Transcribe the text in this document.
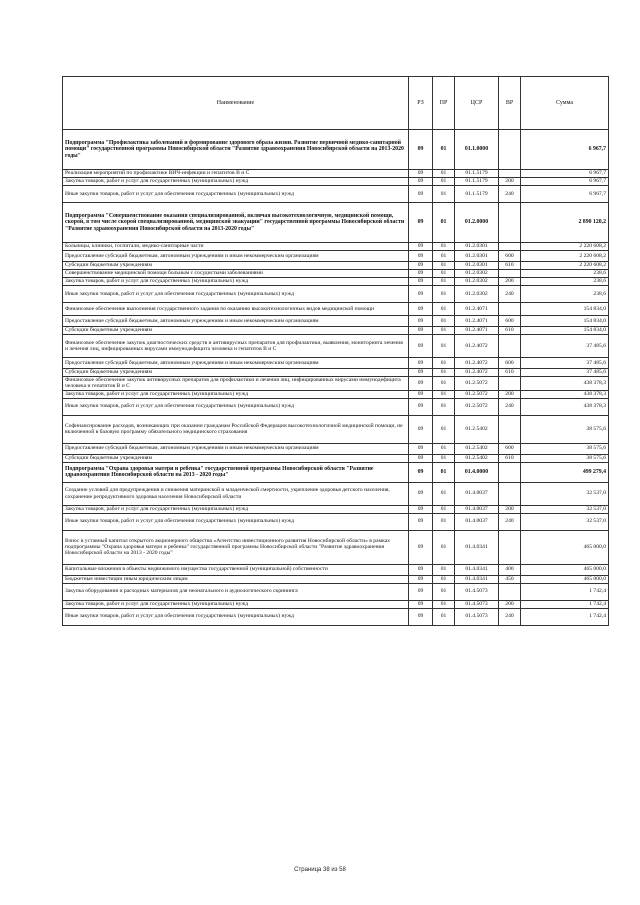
Наименование	РЗ	ПР	ЦСР	ВР	Сумма
Подпрограмма "Профилактика заболеваний и формирование здорового образа жизни. Развитие первичной медико-санитарной помощи" государственной программы Новосибирской области "Развитие здравоохранения Новосибирской области на 2013-2020 годы"	09	01	01.1.0000		6 967,7
Реализация мероприятий по профилактике ВИЧ-инфекции и гепатитов В и С	09	01	01.1.5179		6 967,7
Закупка товаров, работ и услуг для государственных (муниципальных) нужд	09	01	01.1.5179	200	6 967,7
Иные закупки товаров, работ и услуг для обеспечения государственных (муниципальных) нужд	09	01	01.1.5179	240	6 967,7
Подпрограмма "Совершенствование оказания специализированной, включая высокотехнологичную, медицинской помощи, скорой, в том числе скорой специализированной, медицинской эвакуации" государственной программы Новосибирской области "Развитие здравоохранения Новосибирской области на 2013-2020 годы"	09	01	01.2.0000		2 890 120,2
Больницы, клиники, госпитали, медико-санитарные части	09	01	01.2.0301		2 220 608,2
Предоставление субсидий бюджетным, автономным учреждениям и иным некоммерческим организациям	09	01	01.2.0301	600	2 220 608,2
Субсидии бюджетным учреждениям	09	01	01.2.0301	610	2 220 608,2
Совершенствование медицинской помощи больным с сосудистыми заболеваниями	09	01	01.2.0302		238,6
Закупка товаров, работ и услуг для государственных (муниципальных) нужд	09	01	01.2.0302	200	238,6
Иные закупки товаров, работ и услуг для обеспечения государственных (муниципальных) нужд	09	01	01.2.0302	240	238,6
Финансовое обеспечение выполнения государственного задания по оказанию высокотехнологичных видов медицинской помощи	09	01	01.2.4071		154 834,0
Предоставление субсидий бюджетным, автономным учреждениям и иным некоммерческим организациям	09	01	01.2.4071	600	154 834,0
Субсидии бюджетным учреждениям	09	01	01.2.4071	610	154 834,0
Финансовое обеспечение закупок диагностических средств и антивирусных препаратов для профилактики, выявления, мониторинга лечения и лечения лиц, инфицированных вирусами иммунодефицита человека и гепатитов В и С	09	01	01.2.4072		37 485,6
Предоставление субсидий бюджетным, автономным учреждениям и иным некоммерческим организациям	09	01	01.2.4072	600	37 485,6
Субсидии бюджетным учреждениям	09	01	01.2.4072	610	37 485,6
Финансовое обеспечение закупок антивирусных препаратов для профилактики и лечения лиц, инфицированных вирусами иммунодефицита человека и гепатитов В и С	09	01	01.2.5072		438 378,3
Закупка товаров, работ и услуг для государственных (муниципальных) нужд	09	01	01.2.5072	200	438 378,3
Иные закупки товаров, работ и услуг для обеспечения государственных (муниципальных) нужд	09	01	01.2.5072	240	438 378,3
Софинансирование расходов, возникающих при оказании гражданам Российской Федерации высокотехнологичной медицинской помощи, не включенной в базовую программу обязательного медицинского страхования	09	01	01.2.5402		38 575,6
Предоставление субсидий бюджетным, автономным учреждениям и иным некоммерческим организациям	09	01	01.2.5402	600	38 575,6
Субсидии бюджетным учреждениям	09	01	01.2.5402	610	38 575,6
Подпрограмма "Охрана здоровья матери и ребенка" государственной программы Новосибирской области "Развитие здравоохранения Новосибирской области на 2013 - 2020 годы"	09	01	01.4.0000		499 279,4
Создание условий для предупреждения и снижения материнской и младенческой смертности, укрепление здоровья детского населения, сохранение репродуктивного здоровья населения Новосибирской области	09	01	01.4.0037		32 537,0
Закупка товаров, работ и услуг для государственных (муниципальных) нужд	09	01	01.4.0037	200	32 537,0
Иные закупки товаров, работ и услуг для обеспечения государственных (муниципальных) нужд	09	01	01.4.0037	240	32 537,0
Взнос в уставный капитал открытого акционерного общества «Агентство инвестиционного развития Новосибирской области» в рамках подпрограммы "Охрана здоровья матери и ребенка" государственной программы Новосибирской области "Развитие здравоохранения Новосибирской области на 2013 - 2020 годы"	09	01	01.4.0341		465 000,0
Капитальные вложения в объекты недвижимого имущества государственной (муниципальной) собственности	09	01	01.4.0341	400	465 000,0
Бюджетные инвестиции иным юридическим лицам	09	01	01.4.0341	450	465 000,0
Закупка оборудования и расходных материалов для неонатального и аудиологического скрининга	09	01	01.4.5073		1 742,4
Закупка товаров, работ и услуг для государственных (муниципальных) нужд	09	01	01.4.5073	200	1 742,4
Иные закупки товаров, работ и услуг для обеспечения государственных (муниципальных) нужд	09	01	01.4.5073	240	1 742,4
Страница 38 из 58
